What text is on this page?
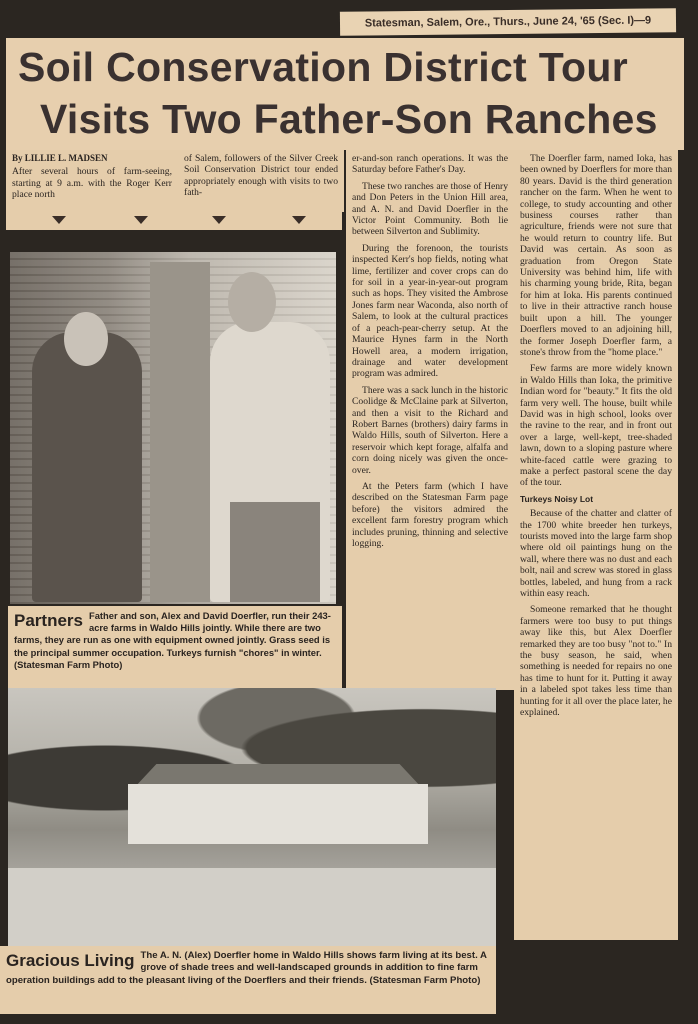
Statesman, Salem, Ore., Thurs., June 24, '65 (Sec. I)—9
Soil Conservation District Tour
Visits Two Father-Son Ranches
By LILLIE L. MADSEN

After several hours of farm-seeing, starting at 9 a.m. with the Roger Kerr place north

of Salem, followers of the Silver Creek Soil Conservation District tour ended appropriately enough with visits to two fath-

Partners Father and son, Alex and David Doerfler, run their 243-acre farms in Waldo Hills jointly. While there are two farms, they are run as one with equipment owned jointly. Grass seed is the principal summer occupation. Turkeys furnish "chores" in winter. (Statesman Farm Photo)

er-and-son ranch operations. It was the Saturday before Father's Day.

These two ranches are those of Henry and Don Peters in the Union Hill area, and A. N. and David Doerfler in the Victor Point Community. Both lie between Silverton and Sublimity.

During the forenoon, the tourists inspected Kerr's hop fields, noting what lime, fertilizer and cover crops can do for soil in a year-in-year-out program such as hops. They visited the Ambrose Jones farm near Waconda, also north of Salem, to look at the cultural practices of a peach-pear-cherry setup. At the Maurice Hynes farm in the North Howell area, a modern irrigation, drainage and water development program was admired.

There was a sack lunch in the historic Coolidge & McClaine park at Silverton, and then a visit to the Richard and Robert Barnes (brothers) dairy farms in Waldo Hills, south of Silverton. Here a reservoir which kept forage, alfalfa and corn doing nicely was given the once-over.

At the Peters farm (which I have described on the Statesman Farm page before) the visitors admired the excellent farm forestry program which includes pruning, thinning and selective logging.

The Doerfler farm, named Ioka, has been owned by Doerflers for more than 80 years. David is the third generation rancher on the farm. When he went to college, to study accounting and other business courses rather than agriculture, friends were not sure that he would return to country life. But David was certain. As soon as graduation from Oregon State University was behind him, life with his charming young bride, Rita, began for him at Ioka. His parents continued to live in their attractive ranch house built upon a hill. The younger Doerflers moved to an adjoining hill, the former Joseph Doerfler farm, a stone's throw from the "home place."

Few farms are more widely known in Waldo Hills than Ioka, the primitive Indian word for "beauty." It fits the old farm very well. The house, built while David was in high school, looks over the ravine to the rear, and in front out over a large, well-kept, tree-shaded lawn, down to a sloping pasture where white-faced cattle were grazing to make a perfect pastoral scene the day of the tour.

Turkeys Noisy Lot

Because of the chatter and clatter of the 1700 white breeder hen turkeys, tourists moved into the large farm shop where old oil paintings hung on the wall, where there was no dust and each bolt, nail and screw was stored in glass bottles, labeled, and hung from a rack within easy reach.

Someone remarked that he thought farmers were too busy to put things away like this, but Alex Doerfler remarked they are too busy "not to." In the busy season, he said, when something is needed for repairs no one has time to hunt for it. Putting it away in a labeled spot takes less time than hunting for it all over the place later, he explained.

Gracious Living The A. N. (Alex) Doerfler home in Waldo Hills shows farm living at its best. A grove of shade trees and well-landscaped grounds in addition to fine farm operation buildings add to the pleasant living of the Doerflers and their friends. (Statesman Farm Photo)
